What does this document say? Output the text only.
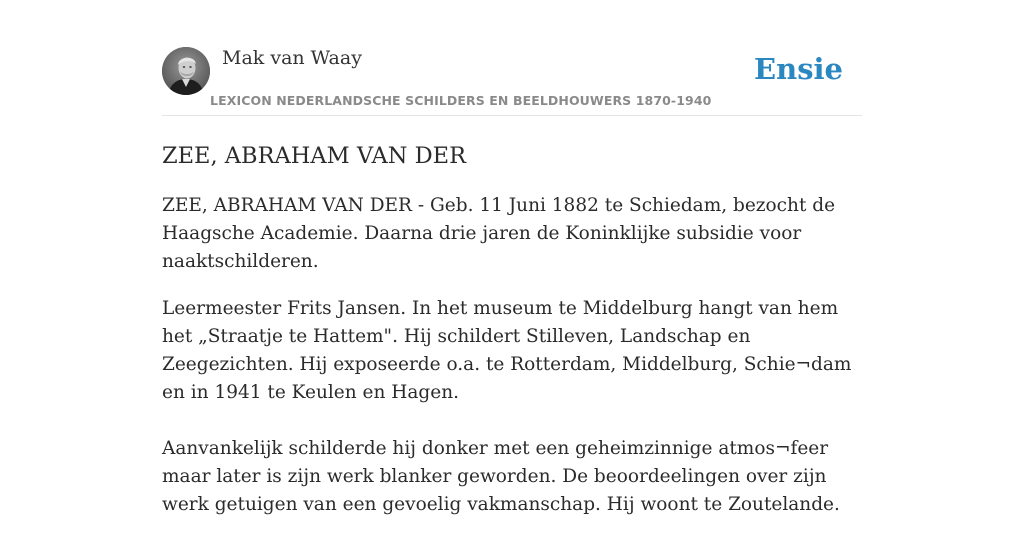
Mak van Waay	Ensie
LEXICON NEDERLANDSCHE SCHILDERS EN BEELDHOUWERS 1870-1940
ZEE, ABRAHAM VAN DER

ZEE, ABRAHAM VAN DER - Geb. 11 Juni 1882 te Schiedam, bezocht de Haagsche Academie. Daarna drie jaren de Koninklijke subsidie voor naaktschilderen.

Leermeester Frits Jansen. In het museum te Middelburg hangt van hem het „Straatje te Hattem". Hij schildert Stilleven, Landschap en Zeegezichten. Hij exposeerde o.a. te Rotterdam, Middelburg, Schie¬dam en in 1941 te Keulen en Hagen.

Aanvankelijk schilderde hij donker met een geheimzinnige atmos¬feer maar later is zijn werk blanker geworden. De beoordeelingen over zijn werk getuigen van een gevoelig vakmanschap. Hij woont te Zoutelande.
